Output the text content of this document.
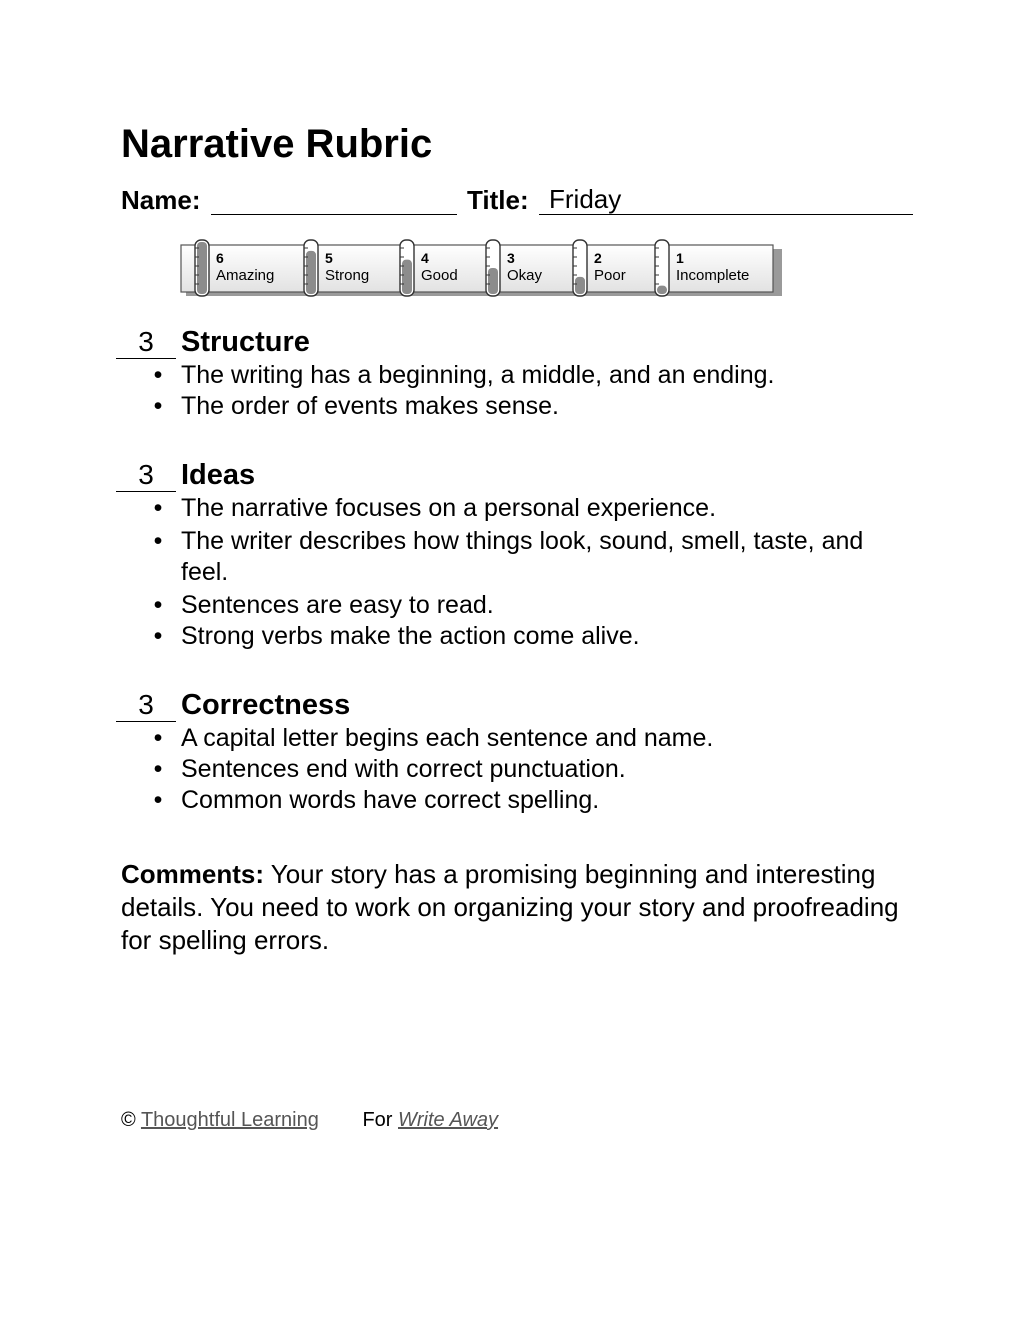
Narrative Rubric
Name:	Title: Friday
6
Amazing
5
Strong
4
Good
3
Okay
2
Poor
1
Incomplete
3 Structure
• The writing has a beginning, a middle, and an ending.
• The order of events makes sense.
3 Ideas
• The narrative focuses on a personal experience.
• The writer describes how things look, sound, smell, taste, and feel.
• Sentences are easy to read.
• Strong verbs make the action come alive.
3 Correctness
• A capital letter begins each sentence and name.
• Sentences end with correct punctuation.
• Common words have correct spelling.

Comments: Your story has a promising beginning and interesting details. You need to work on organizing your story and proofreading for spelling errors.

© Thoughtful Learning For Write Away
